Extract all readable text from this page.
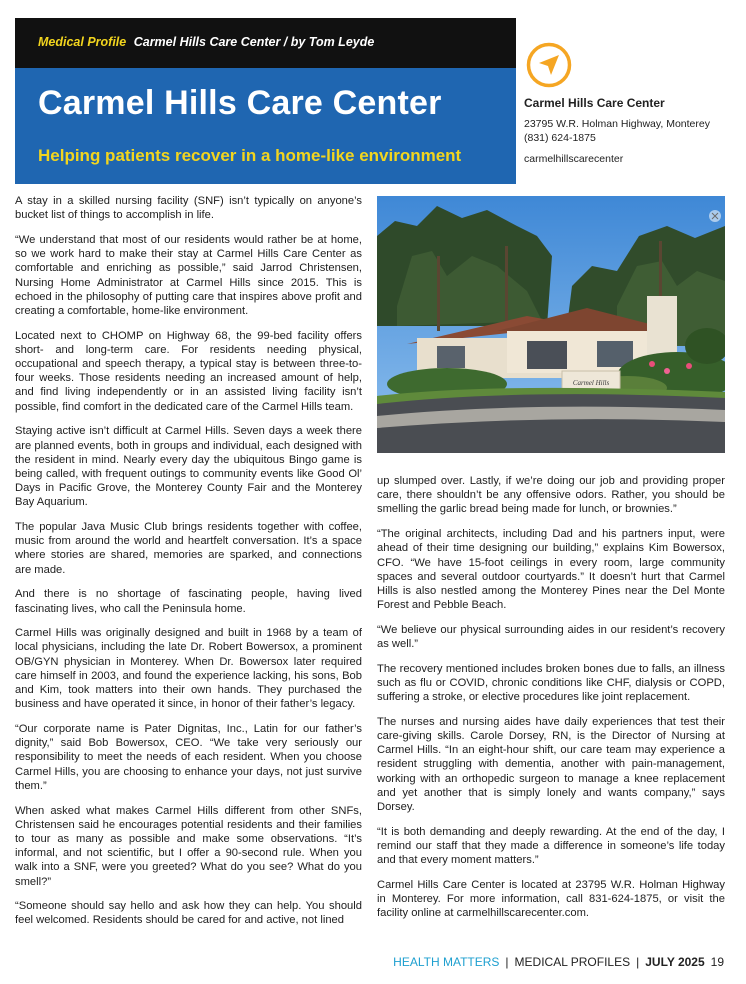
Medical Profile Carmel Hills Care Center / by Tom Leyde
Carmel Hills Care Center
Helping patients recover in a home-like environment
Carmel Hills Care Center
23795 W.R. Holman Highway, Monterey
(831) 624-1875
carmelhillscarecenter

A stay in a skilled nursing facility (SNF) isn’t typically on anyone’s bucket list of things to accomplish in life.

“We understand that most of our residents would rather be at home, so we work hard to make their stay at Carmel Hills Care Center as comfortable and enriching as possible,” said Jarrod Christensen, Nursing Home Administrator at Carmel Hills since 2015. This is echoed in the philosophy of putting care that inspires above profit and creating a comfortable, home-like environment.

Located next to CHOMP on Highway 68, the 99-bed facility offers short- and long-term care. For residents needing physical, occupational and speech therapy, a typical stay is between three-to-four weeks. Those residents needing an increased amount of help, and find living independently or in an assisted living facility isn’t possible, find comfort in the dedicated care of the Carmel Hills team.

Staying active isn’t difficult at Carmel Hills. Seven days a week there are planned events, both in groups and individual, each designed with the resident in mind. Nearly every day the ubiquitous Bingo game is being called, with frequent outings to community events like Good Ol’ Days in Pacific Grove, the Monterey County Fair and the Monterey Bay Aquarium.

The popular Java Music Club brings residents together with coffee, music from around the world and heartfelt conversation. It’s a space where stories are shared, memories are sparked, and connections are made.

And there is no shortage of fascinating people, having lived fascinating lives, who call the Peninsula home.

Carmel Hills was originally designed and built in 1968 by a team of local physicians, including the late Dr. Robert Bowersox, a prominent OB/GYN physician in Monterey. When Dr. Bowersox later required care himself in 2003, and found the experience lacking, his sons, Bob and Kim, took matters into their own hands. They purchased the business and have operated it since, in honor of their father’s legacy.

“Our corporate name is Pater Dignitas, Inc., Latin for our father’s dignity,” said Bob Bowersox, CEO. “We take very seriously our responsibility to meet the needs of each resident. When you choose Carmel Hills, you are choosing to enhance your days, not just survive them.”

When asked what makes Carmel Hills different from other SNFs, Christensen said he encourages potential residents and their families to tour as many as possible and make some observations. “It’s informal, and not scientific, but I offer a 90-second rule. When you walk into a SNF, were you greeted? What do you see? What do you smell?”

“Someone should say hello and ask how they can help. You should feel welcomed. Residents should be cared for and active, not lined

Carmel Hills

up slumped over. Lastly, if we’re doing our job and providing proper care, there shouldn’t be any offensive odors. Rather, you should be smelling the garlic bread being made for lunch, or brownies.”

“The original architects, including Dad and his partners input, were ahead of their time designing our building,” explains Kim Bowersox, CFO. “We have 15-foot ceilings in every room, large community spaces and several outdoor courtyards.” It doesn’t hurt that Carmel Hills is also nestled among the Monterey Pines near the Del Monte Forest and Pebble Beach.

“We believe our physical surrounding aides in our resident’s recovery as well.”

The recovery mentioned includes broken bones due to falls, an illness such as flu or COVID, chronic conditions like CHF, dialysis or COPD, suffering a stroke, or elective procedures like joint replacement.

The nurses and nursing aides have daily experiences that test their care-giving skills. Carole Dorsey, RN, is the Director of Nursing at Carmel Hills. “In an eight-hour shift, our care team may experience a resident struggling with dementia, another with pain-management, working with an orthopedic surgeon to manage a knee replacement and yet another that is simply lonely and wants company,” says Dorsey.

“It is both demanding and deeply rewarding. At the end of the day, I remind our staff that they made a difference in someone’s life today and that every moment matters.”

Carmel Hills Care Center is located at 23795 W.R. Holman Highway in Monterey. For more information, call 831-624-1875, or visit the facility online at carmelhillscarecenter.com.

HEALTH MATTERS | MEDICAL PROFILES | JULY 2025 19
